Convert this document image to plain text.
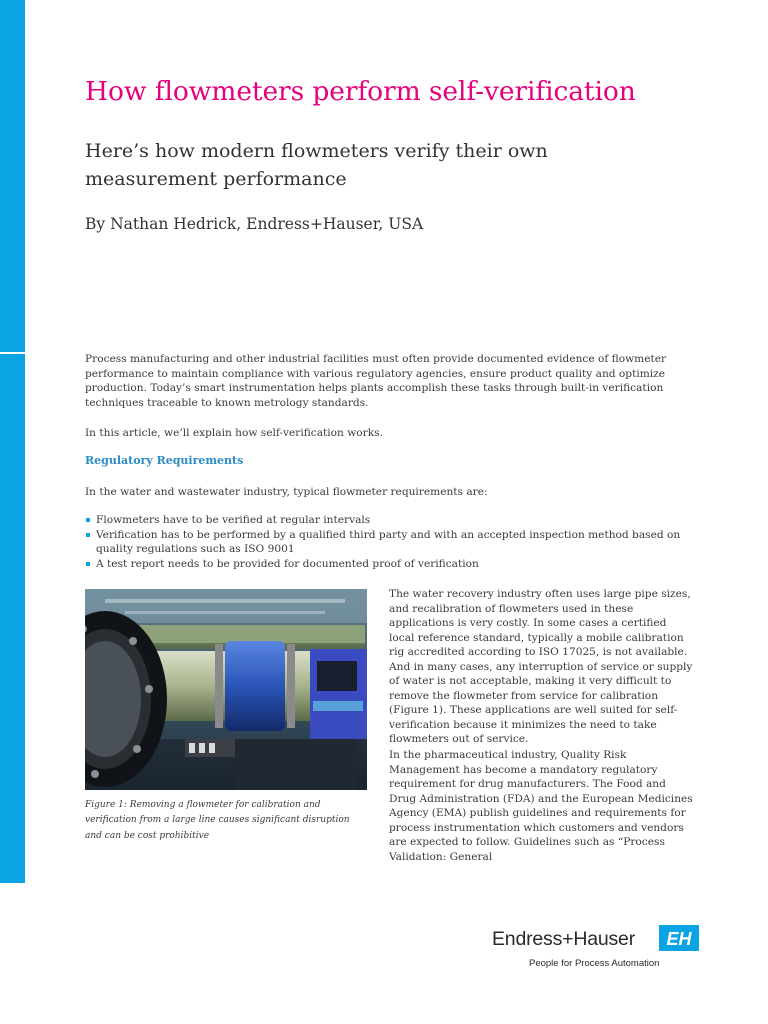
How flowmeters perform self-verification
Here’s how modern flowmeters verify their own measurement performance

By Nathan Hedrick, Endress+Hauser, USA

Process manufacturing and other industrial facilities must often provide documented evidence of flowmeter performance to maintain compliance with various regulatory agencies, ensure product quality and optimize production. Today’s smart instrumentation helps plants accomplish these tasks through built-in verification techniques traceable to known metrology standards.

In this article, we’ll explain how self-verification works.

Regulatory Requirements

In the water and wastewater industry, typical flowmeter requirements are:

Flowmeters have to be verified at regular intervals
Verification has to be performed by a qualified third party and with an accepted inspection method based on quality regulations such as ISO 9001
A test report needs to be provided for documented proof of verification

Figure 1: Removing a flowmeter for calibration and verification from a large line causes significant disruption and can be cost prohibitive

The water recovery industry often uses large pipe sizes, and recalibration of flowmeters used in these applications is very costly. In some cases a certified local reference standard, typically a mobile calibration rig accredited according to ISO 17025, is not available. And in many cases, any interruption of service or supply of water is not acceptable, making it very difficult to remove the flowmeter from service for calibration (Figure 1). These applications are well suited for self-verification because it minimizes the need to take flowmeters out of service.

In the pharmaceutical industry, Quality Risk Management has become a mandatory regulatory requirement for drug manufacturers. The Food and Drug Administration (FDA) and the European Medicines Agency (EMA) publish guidelines and requirements for process instrumentation which customers and vendors are expected to follow. Guidelines such as “Process Validation: General

Endress+Hauser
People for Process Automation
EH
